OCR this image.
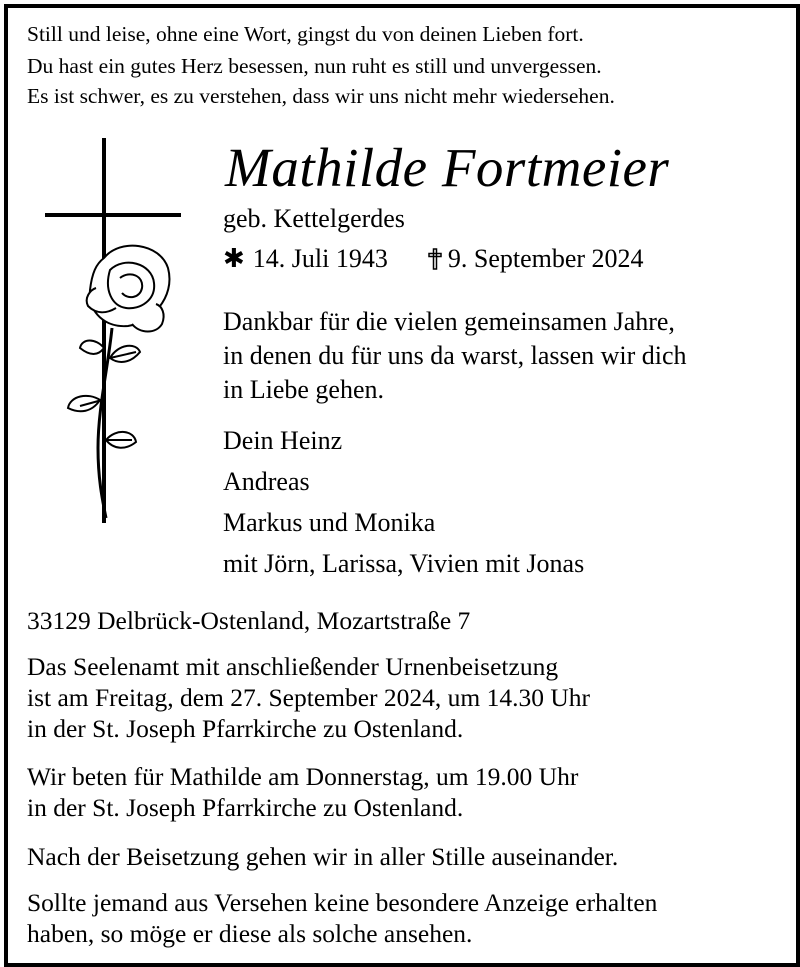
Still und leise, ohne eine Wort, gingst du von deinen Lieben fort.
Du hast ein gutes Herz besessen, nun ruht es still und unvergessen.
Es ist schwer, es zu verstehen, dass wir uns nicht mehr wiedersehen.
Mathilde Fortmeier
geb. Kettelgerdes
✱ 14. Juli 1943 9. September 2024
Dankbar für die vielen gemeinsamen Jahre,
in denen du für uns da warst, lassen wir dich
in Liebe gehen.
Dein Heinz
Andreas
Markus und Monika
mit Jörn, Larissa, Vivien mit Jonas
33129 Delbrück-Ostenland, Mozartstraße 7
Das Seelenamt mit anschließender Urnenbeisetzung
ist am Freitag, dem 27. September 2024, um 14.30 Uhr
in der St. Joseph Pfarrkirche zu Ostenland.
Wir beten für Mathilde am Donnerstag, um 19.00 Uhr
in der St. Joseph Pfarrkirche zu Ostenland.
Nach der Beisetzung gehen wir in aller Stille auseinander.
Sollte jemand aus Versehen keine besondere Anzeige erhalten
haben, so möge er diese als solche ansehen.
